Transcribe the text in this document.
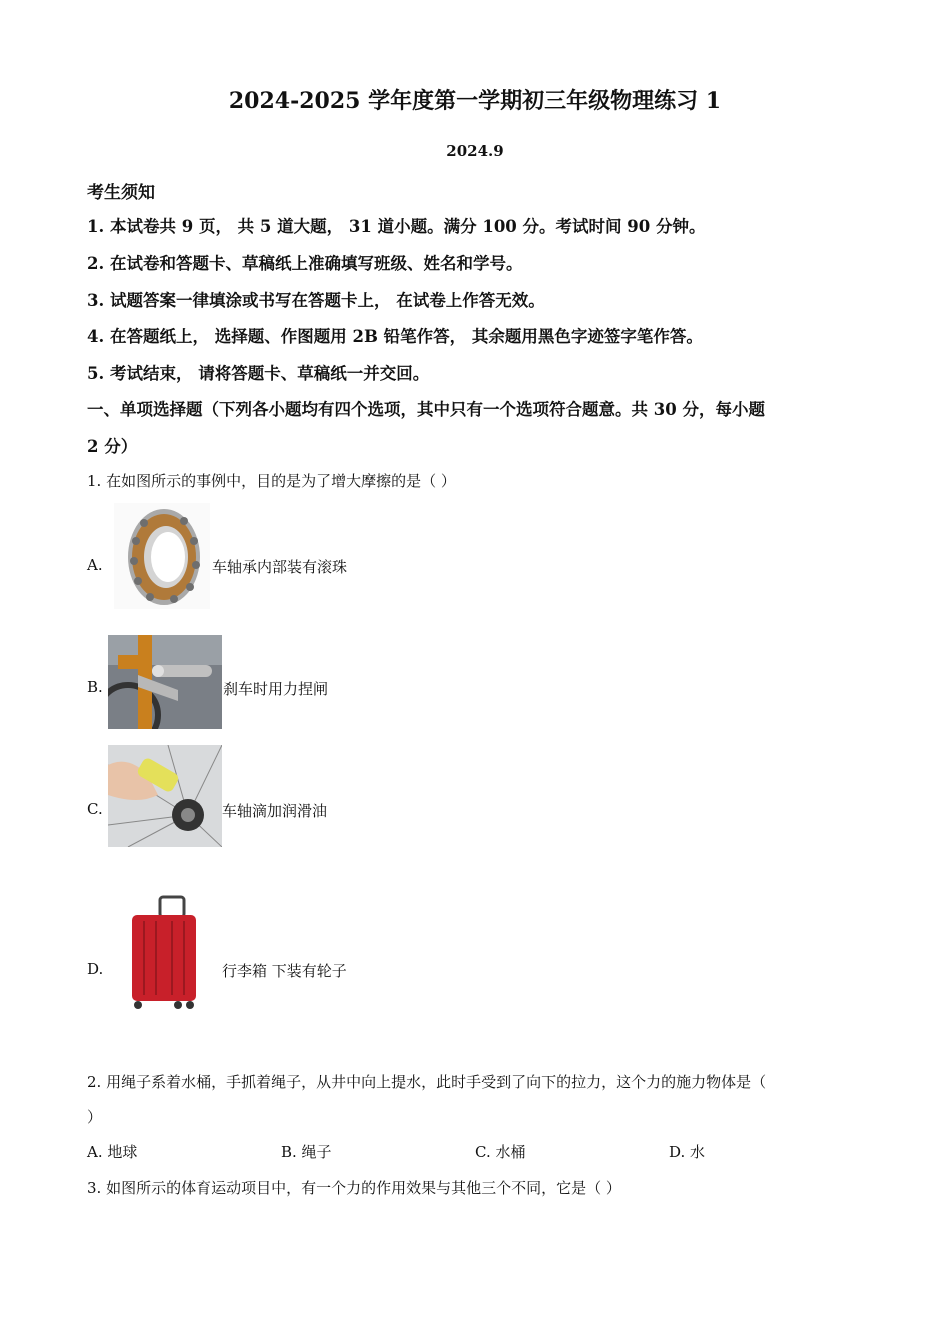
2024-2025 学年度第一学期初三年级物理练习 1
2024.9
考生须知
1. 本试卷共 9 页， 共 5 道大题， 31 道小题。满分 100 分。考试时间 90 分钟。
2. 在试卷和答题卡、草稿纸上准确填写班级、姓名和学号。
3. 试题答案一律填涂或书写在答题卡上， 在试卷上作答无效。
4. 在答题纸上， 选择题、作图题用 2B 铅笔作答， 其余题用黑色字迹签字笔作答。
5. 考试结束， 请将答题卡、草稿纸一并交回。
一、单项选择题（下列各小题均有四个选项，其中只有一个选项符合题意。共 30 分，每小题
2 分）
1. 在如图所示的事例中，目的是为了增大摩擦的是（ ）
A.	车轴承内部装有滚珠
B.	刹车时用力捏闸
C.	车轴滴加润滑油
D.	行李箱 下装有轮子
2. 用绳子系着水桶，手抓着绳子，从井中向上提水，此时手受到了向下的拉力，这个力的施力物体是（
）
A. 地球	B. 绳子	C. 水桶	D. 水
3. 如图所示的体育运动项目中，有一个力的作用效果与其他三个不同，它是（ ）
